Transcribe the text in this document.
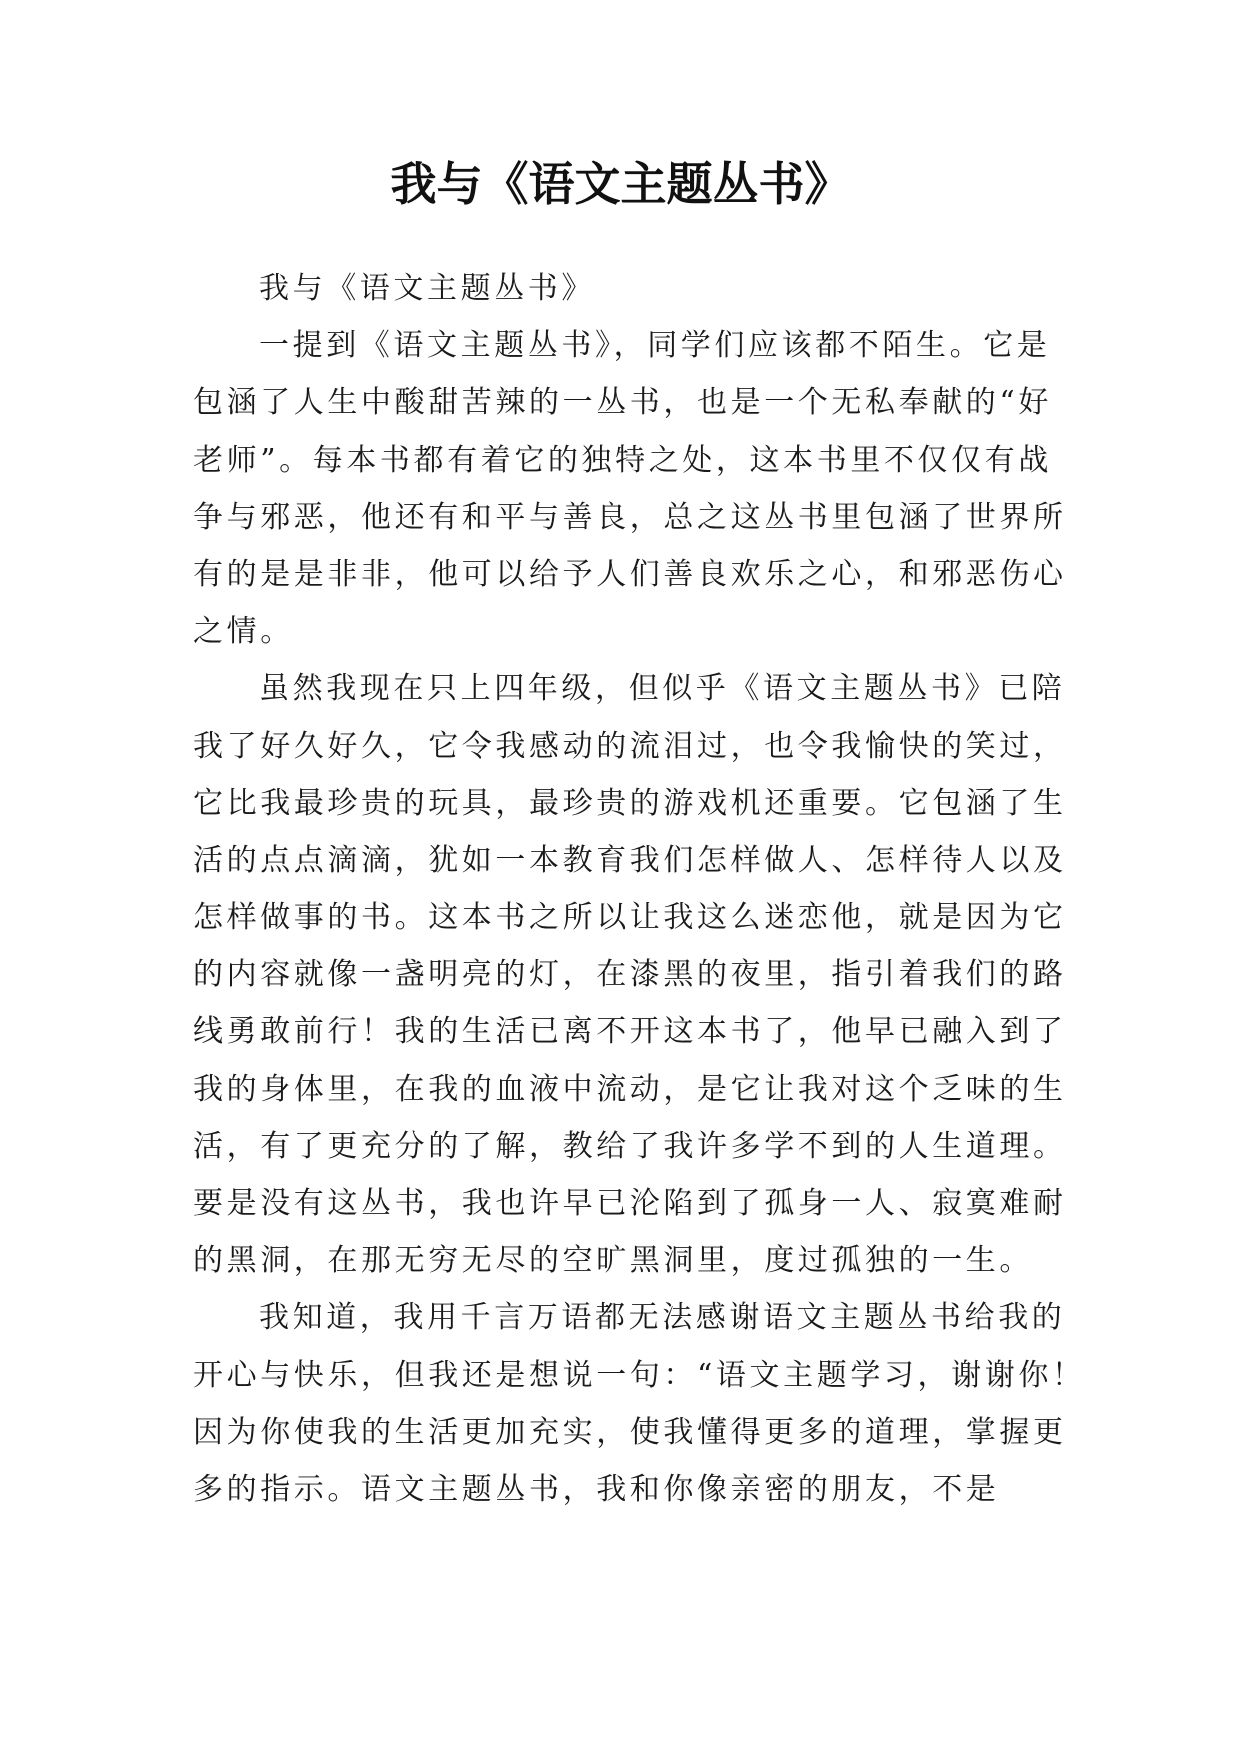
我与《语文主题丛书》
我与《语文主题丛书》
一提到《语文主题丛书》，同学们应该都不陌生。它是
包涵了人生中酸甜苦辣的一丛书，也是一个无私奉献的“好
老师”。每本书都有着它的独特之处，这本书里不仅仅有战
争与邪恶，他还有和平与善良，总之这丛书里包涵了世界所
有的是是非非，他可以给予人们善良欢乐之心，和邪恶伤心
之情。
虽然我现在只上四年级，但似乎《语文主题丛书》已陪
我了好久好久，它令我感动的流泪过，也令我愉快的笑过，
它比我最珍贵的玩具，最珍贵的游戏机还重要。它包涵了生
活的点点滴滴，犹如一本教育我们怎样做人、怎样待人以及
怎样做事的书。这本书之所以让我这么迷恋他，就是因为它
的内容就像一盏明亮的灯，在漆黑的夜里，指引着我们的路
线勇敢前行！我的生活已离不开这本书了，他早已融入到了
我的身体里，在我的血液中流动，是它让我对这个乏味的生
活，有了更充分的了解，教给了我许多学不到的人生道理。
要是没有这丛书，我也许早已沦陷到了孤身一人、寂寞难耐
的黑洞，在那无穷无尽的空旷黑洞里，度过孤独的一生。
我知道，我用千言万语都无法感谢语文主题丛书给我的
开心与快乐，但我还是想说一句：“语文主题学习，谢谢你！
因为你使我的生活更加充实，使我懂得更多的道理，掌握更
多的指示。语文主题丛书，我和你像亲密的朋友，不是
